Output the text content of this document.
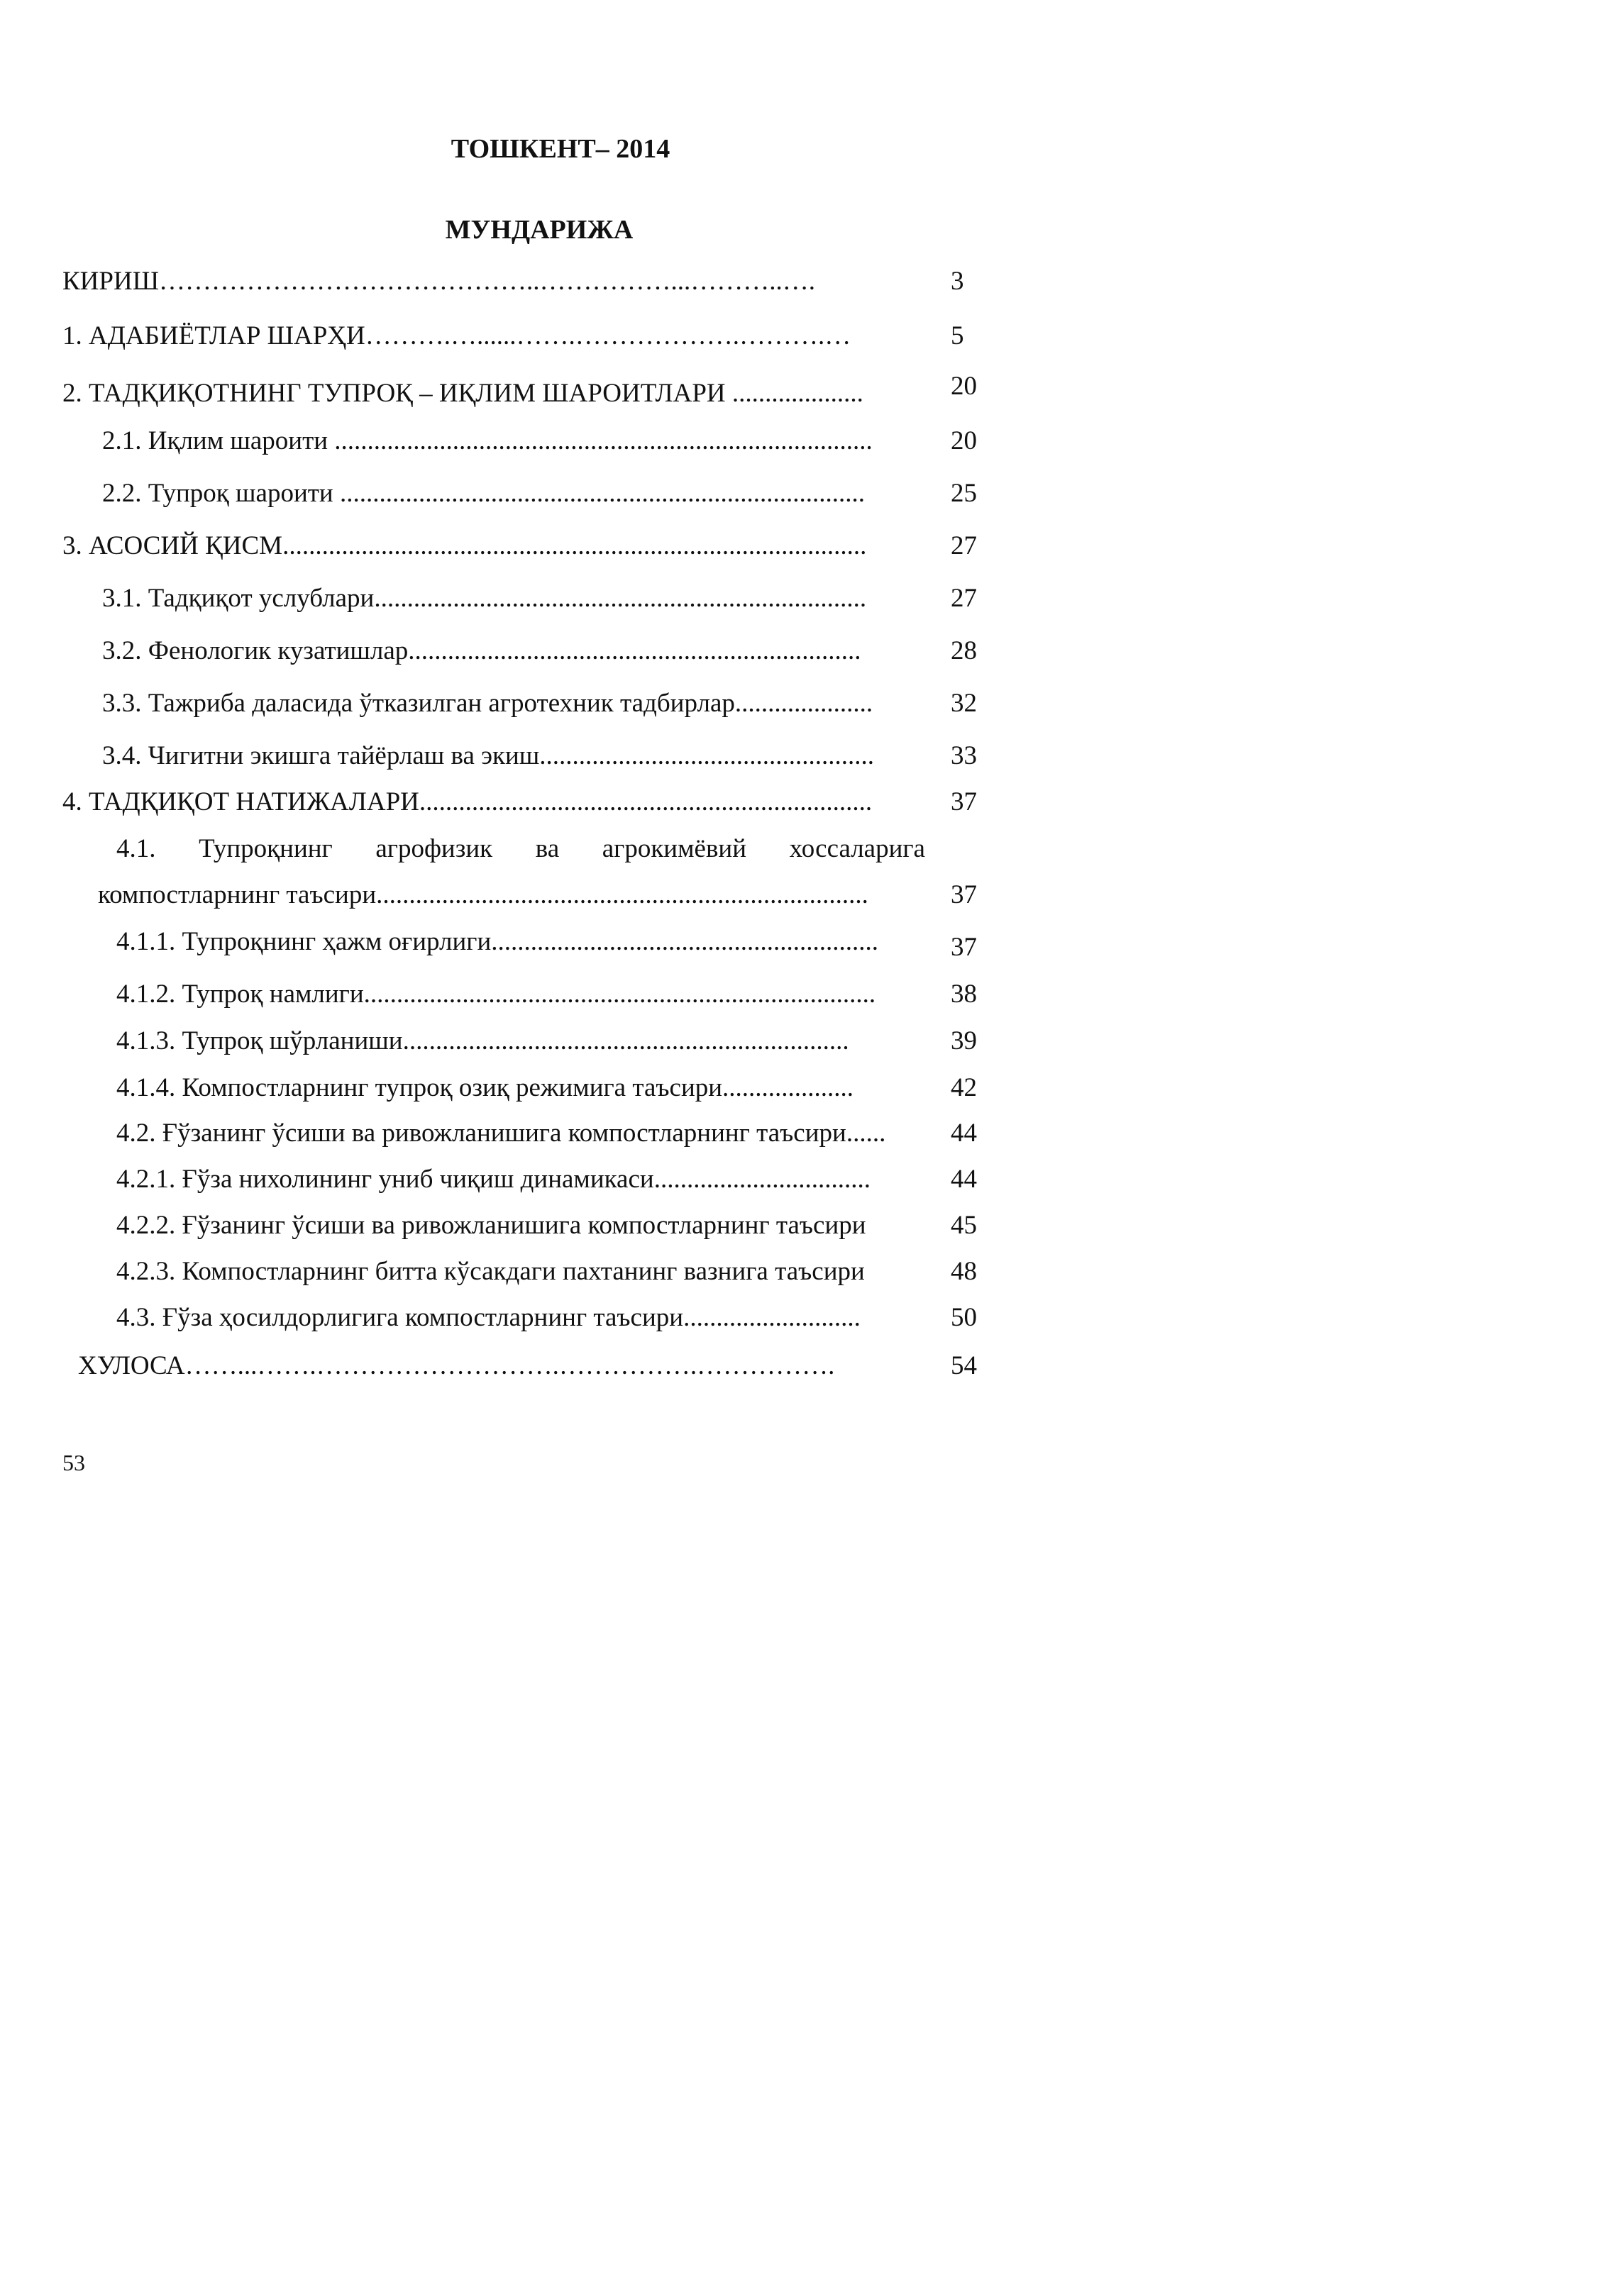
ТОШКЕНТ– 2014
МУНДАРИЖА
КИРИШ……………………………………..……………...………..….	3
1. АДАБИЁТЛАР ШАРҲИ……….…......…….……………….……….…	5
2. ТАДҚИҚОТНИНГ ТУПРОҚ – ИҚЛИМ ШАРОИТЛАРИ ....................	20
2.1. Иқлим шароити ..................................................................................	20
2.2. Тупроқ шароити ................................................................................	25
3. АСОСИЙ ҚИСМ.........................................................................................	27
3.1. Тадқиқот услублари...........................................................................	27
3.2. Фенологик кузатишлар.....................................................................	28
3.3. Тажриба даласида ўтказилган агротехник тадбирлар.....................	32
3.4. Чигитни экишга тайёрлаш ва экиш...................................................	33
4. ТАДҚИҚОТ НАТИЖАЛАРИ.....................................................................	37
4.1. Тупроқнинг агрофизик ва агрокимёвий хоссаларига
компостларнинг таъсири...........................................................................	37
4.1.1. Тупроқнинг ҳажм оғирлиги...........................................................	37
4.1.2. Тупроқ намлиги..............................................................................	38
4.1.3. Тупроқ шўрланиши....................................................................	39
4.1.4. Компостларнинг тупроқ озиқ режимига таъсири....................	42
4.2. Ғўзанинг ўсиши ва ривожланишига компостларнинг таъсири...... 44
4.2.1. Ғўза нихолининг униб чиқиш динамикаси.................................	44
4.2.2. Ғўзанинг ўсиши ва ривожланишига компостларнинг таъсири	45
4.2.3. Компостларнинг битта кўсакдаги пахтанинг вазнига таъсири	48
4.3. Ғўза ҳосилдорлигига компостларнинг таъсири...........................	50
ХУЛОСА……...…….……………………….…………….…………….	54
53
